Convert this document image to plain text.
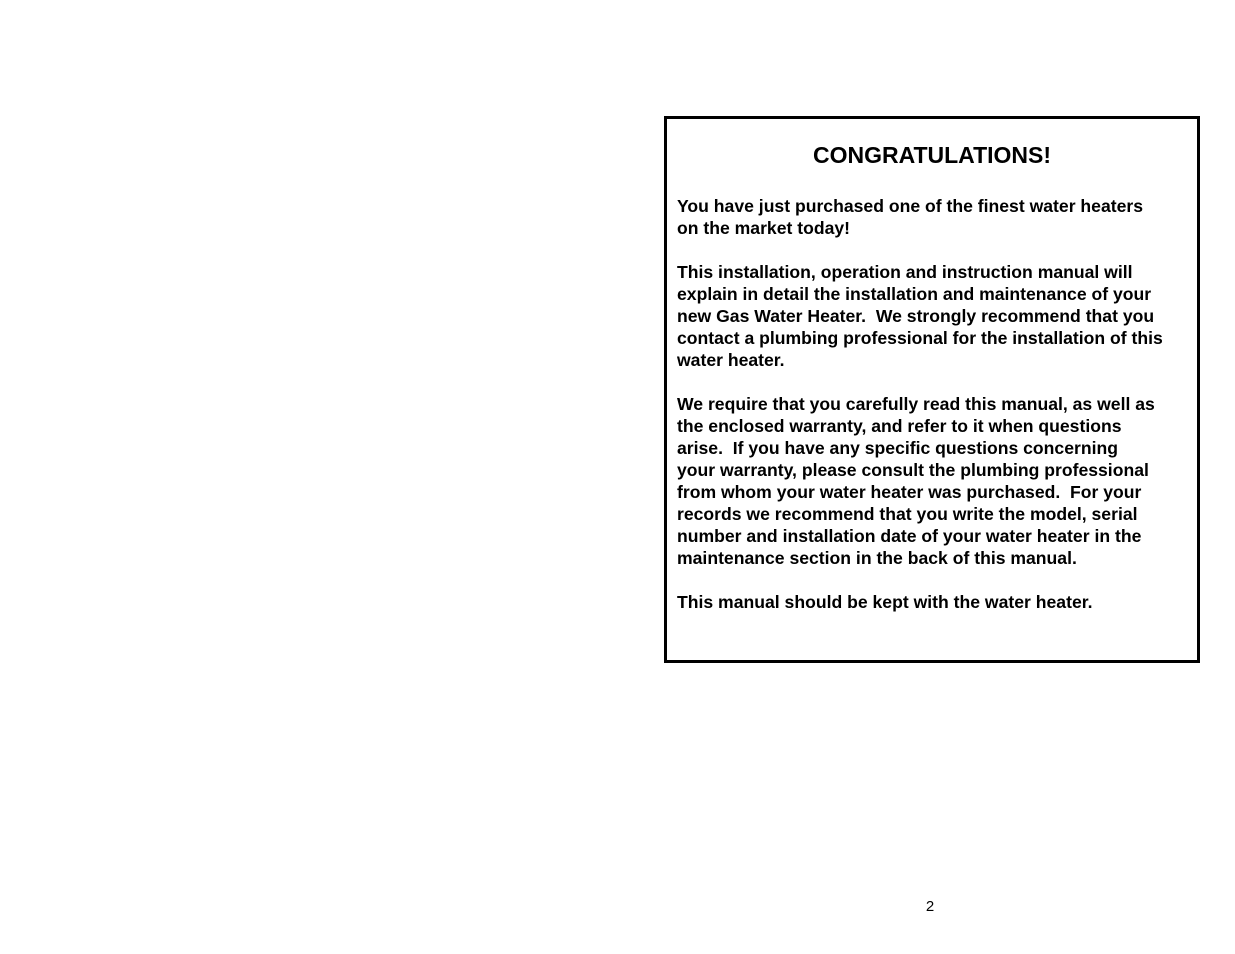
CONGRATULATIONS!

You have just purchased one of the finest water heaters
on the market today!

This installation, operation and instruction manual will
explain in detail the installation and maintenance of your
new Gas Water Heater.  We strongly recommend that you
contact a plumbing professional for the installation of this
water heater.

We require that you carefully read this manual, as well as
the enclosed warranty, and refer to it when questions
arise.  If you have any specific questions concerning
your warranty, please consult the plumbing professional
from whom your water heater was purchased.  For your
records we recommend that you write the model, serial
number and installation date of your water heater in the
maintenance section in the back of this manual.

This manual should be kept with the water heater.

2
